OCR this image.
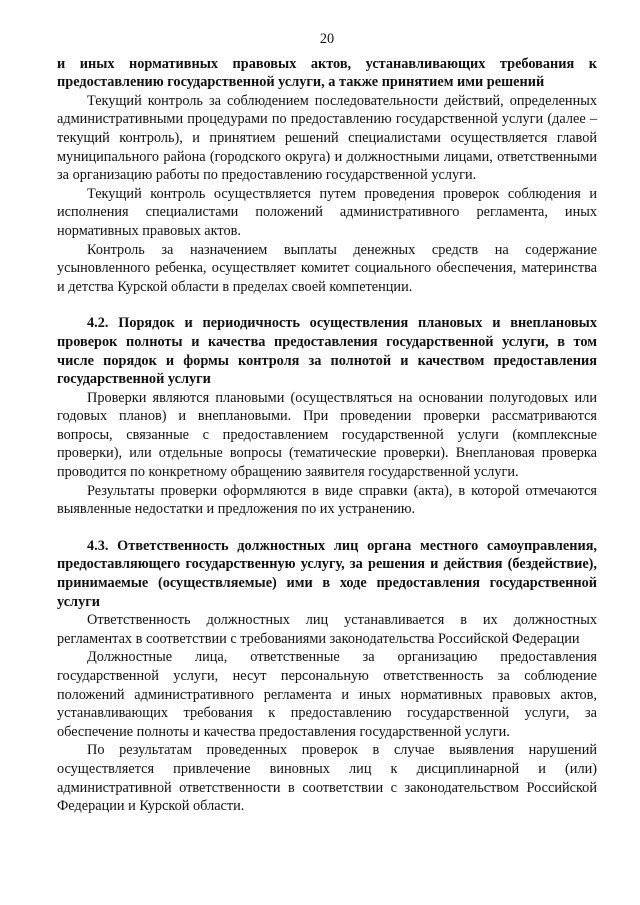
20

и иных нормативных правовых актов, устанавливающих требования к предоставлению государственной услуги, а также принятием ими решений

Текущий контроль за соблюдением последовательности действий, определенных административными процедурами по предоставлению государственной услуги (далее – текущий контроль), и принятием решений специалистами осуществляется главой муниципального района (городского округа) и должностными лицами, ответственными за организацию работы по предоставлению государственной услуги.

Текущий контроль осуществляется путем проведения проверок соблюдения и исполнения специалистами положений административного регламента, иных нормативных правовых актов.

Контроль за назначением выплаты денежных средств на содержание усыновленного ребенка, осуществляет комитет социального обеспечения, материнства и детства Курской области в пределах своей компетенции.

4.2. Порядок и периодичность осуществления плановых и внеплановых проверок полноты и качества предоставления государственной услуги, в том числе порядок и формы контроля за полнотой и качеством предоставления государственной услуги

Проверки являются плановыми (осуществляться на основании полугодовых или годовых планов) и внеплановыми. При проведении проверки рассматриваются вопросы, связанные с предоставлением государственной услуги (комплексные проверки), или отдельные вопросы (тематические проверки). Внеплановая проверка проводится по конкретному обращению заявителя государственной услуги.

Результаты проверки оформляются в виде справки (акта), в которой отмечаются выявленные недостатки и предложения по их устранению.

4.3. Ответственность должностных лиц органа местного самоуправления, предоставляющего государственную услугу, за решения и действия (бездействие), принимаемые (осуществляемые) ими в ходе предоставления государственной услуги

Ответственность должностных лиц устанавливается в их должностных регламентах в соответствии с требованиями законодательства Российской Федерации

Должностные лица, ответственные за организацию предоставления государственной услуги, несут персональную ответственность за соблюдение положений административного регламента и иных нормативных правовых актов, устанавливающих требования к предоставлению государственной услуги, за обеспечение полноты и качества предоставления государственной услуги.

По результатам проведенных проверок в случае выявления нарушений осуществляется привлечение виновных лиц к дисциплинарной и (или) административной ответственности в соответствии с законодательством Российской Федерации и Курской области.
